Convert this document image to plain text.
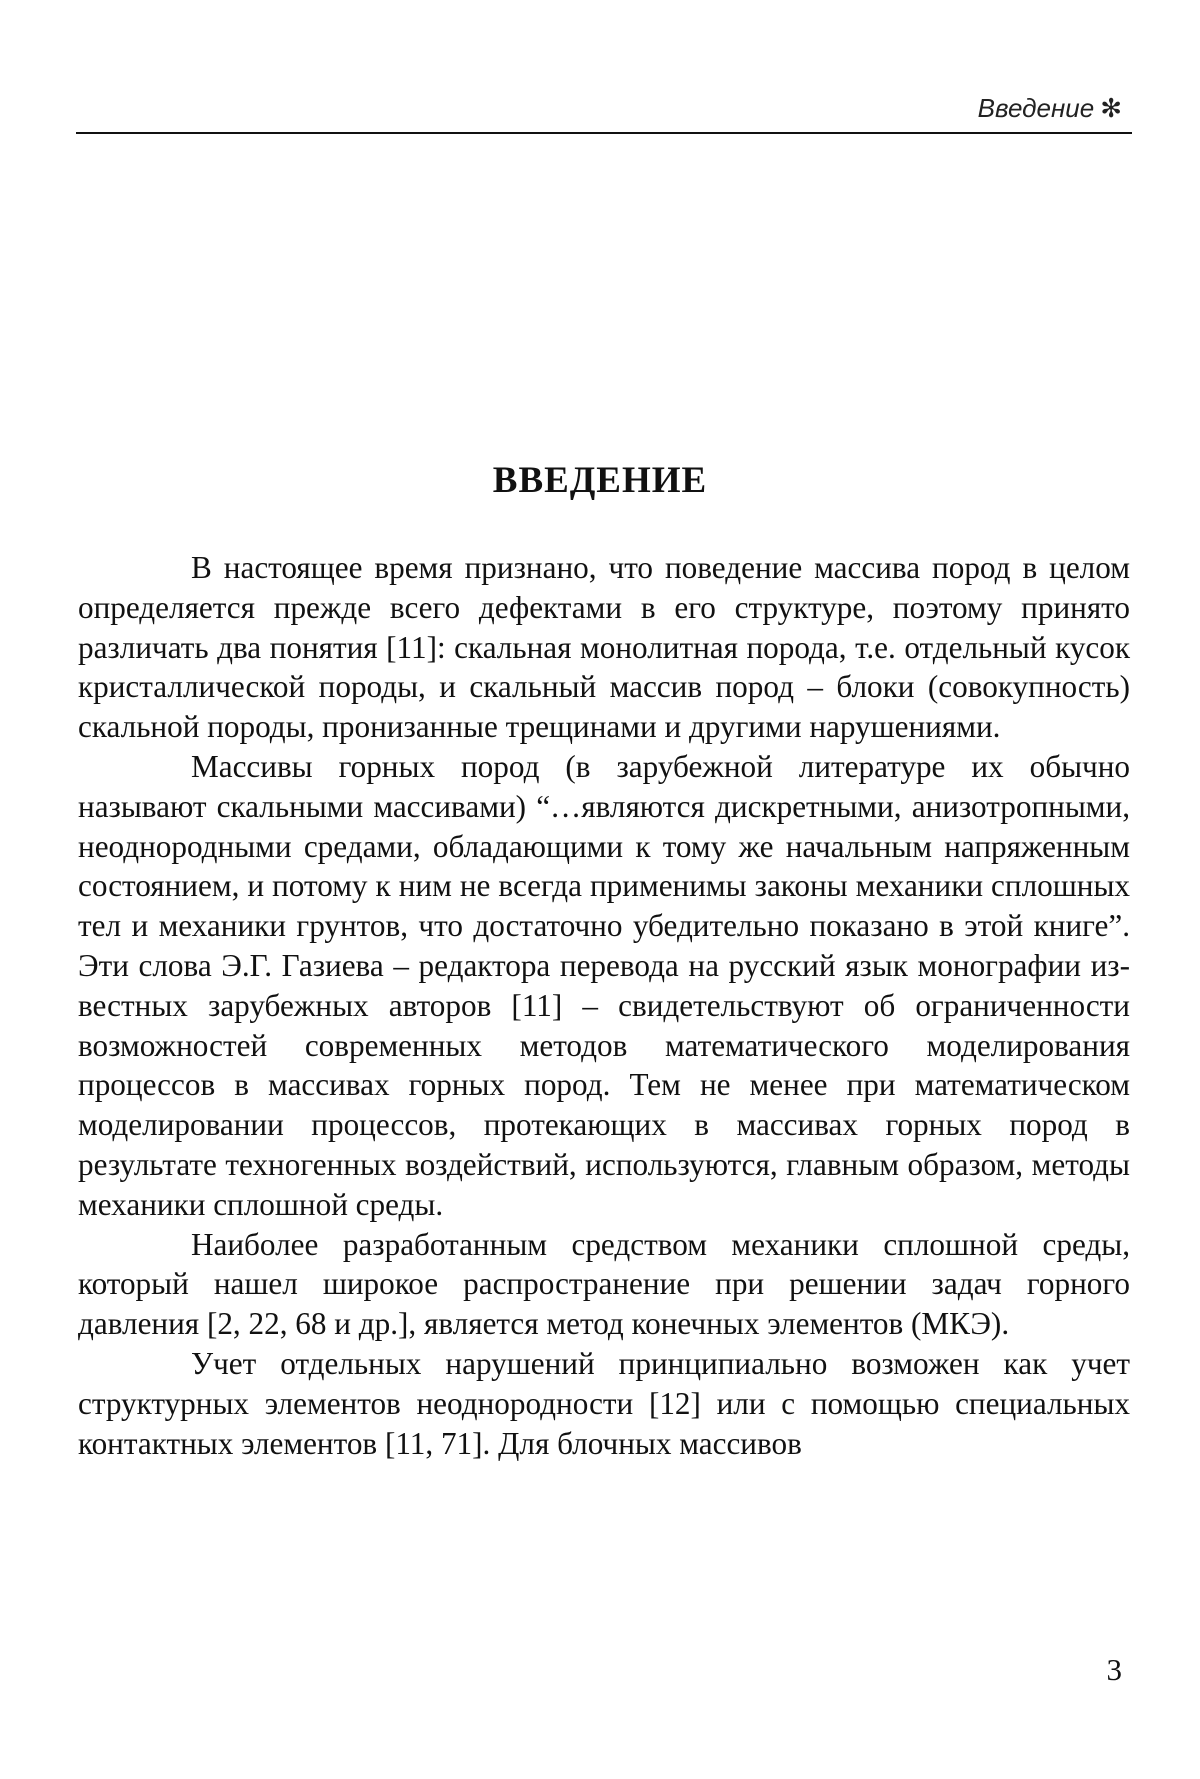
Введение ✻
ВВЕДЕНИЕ

В настоящее время признано, что поведение массива пород в целом определяется прежде всего дефектами в его структуре, поэтому принято различать два понятия [11]: скальная монолитная порода, т.е. отдельный кусок кристаллической породы, и скальный массив пород – блоки (совокупность) скальной породы, пронизанные трещинами и другими нарушениями.

Массивы горных пород (в зарубежной литературе их обычно называют скальными массивами) “…являются дискретными, анизотропными, неоднородными средами, обладающими к тому же начальным напряженным состоянием, и потому к ним не всегда применимы законы механики сплошных тел и механики грунтов, что достаточно убедительно показано в этой книге”. Эти слова Э.Г. Газиева – редактора перевода на русский язык монографии известных зарубежных авторов [11] – свидетельствуют об ограниченности возможностей современных методов математического моделирования процессов в массивах горных пород. Тем не менее при математическом моделировании процессов, протекающих в массивах горных пород в результате техногенных воздействий, используются, главным образом, методы механики сплошной среды.

Наиболее разработанным средством механики сплошной среды, который нашел широкое распространение при решении задач горного давления [2, 22, 68 и др.], является метод конечных элементов (МКЭ).

Учет отдельных нарушений принципиально возможен как учет структурных элементов неоднородности [12] или с помощью специальных контактных элементов [11, 71]. Для блочных массивов

3
